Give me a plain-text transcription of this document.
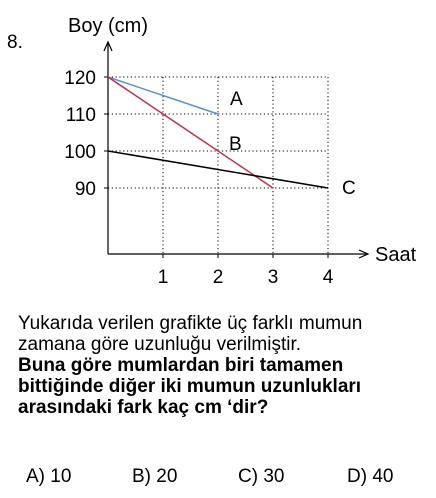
8.
Boy (cm)
Saat
90
100
110
120
1 2 3 4
A
B
C
Yukarıda verilen grafikte üç farklı mumun zamana göre uzunluğu verilmiştir.
Buna göre mumlardan biri tamamen bittiğinde diğer iki mumun uzunlukları arasındaki fark kaç cm ‘dir?
A) 10	B) 20	C) 30	D) 40
